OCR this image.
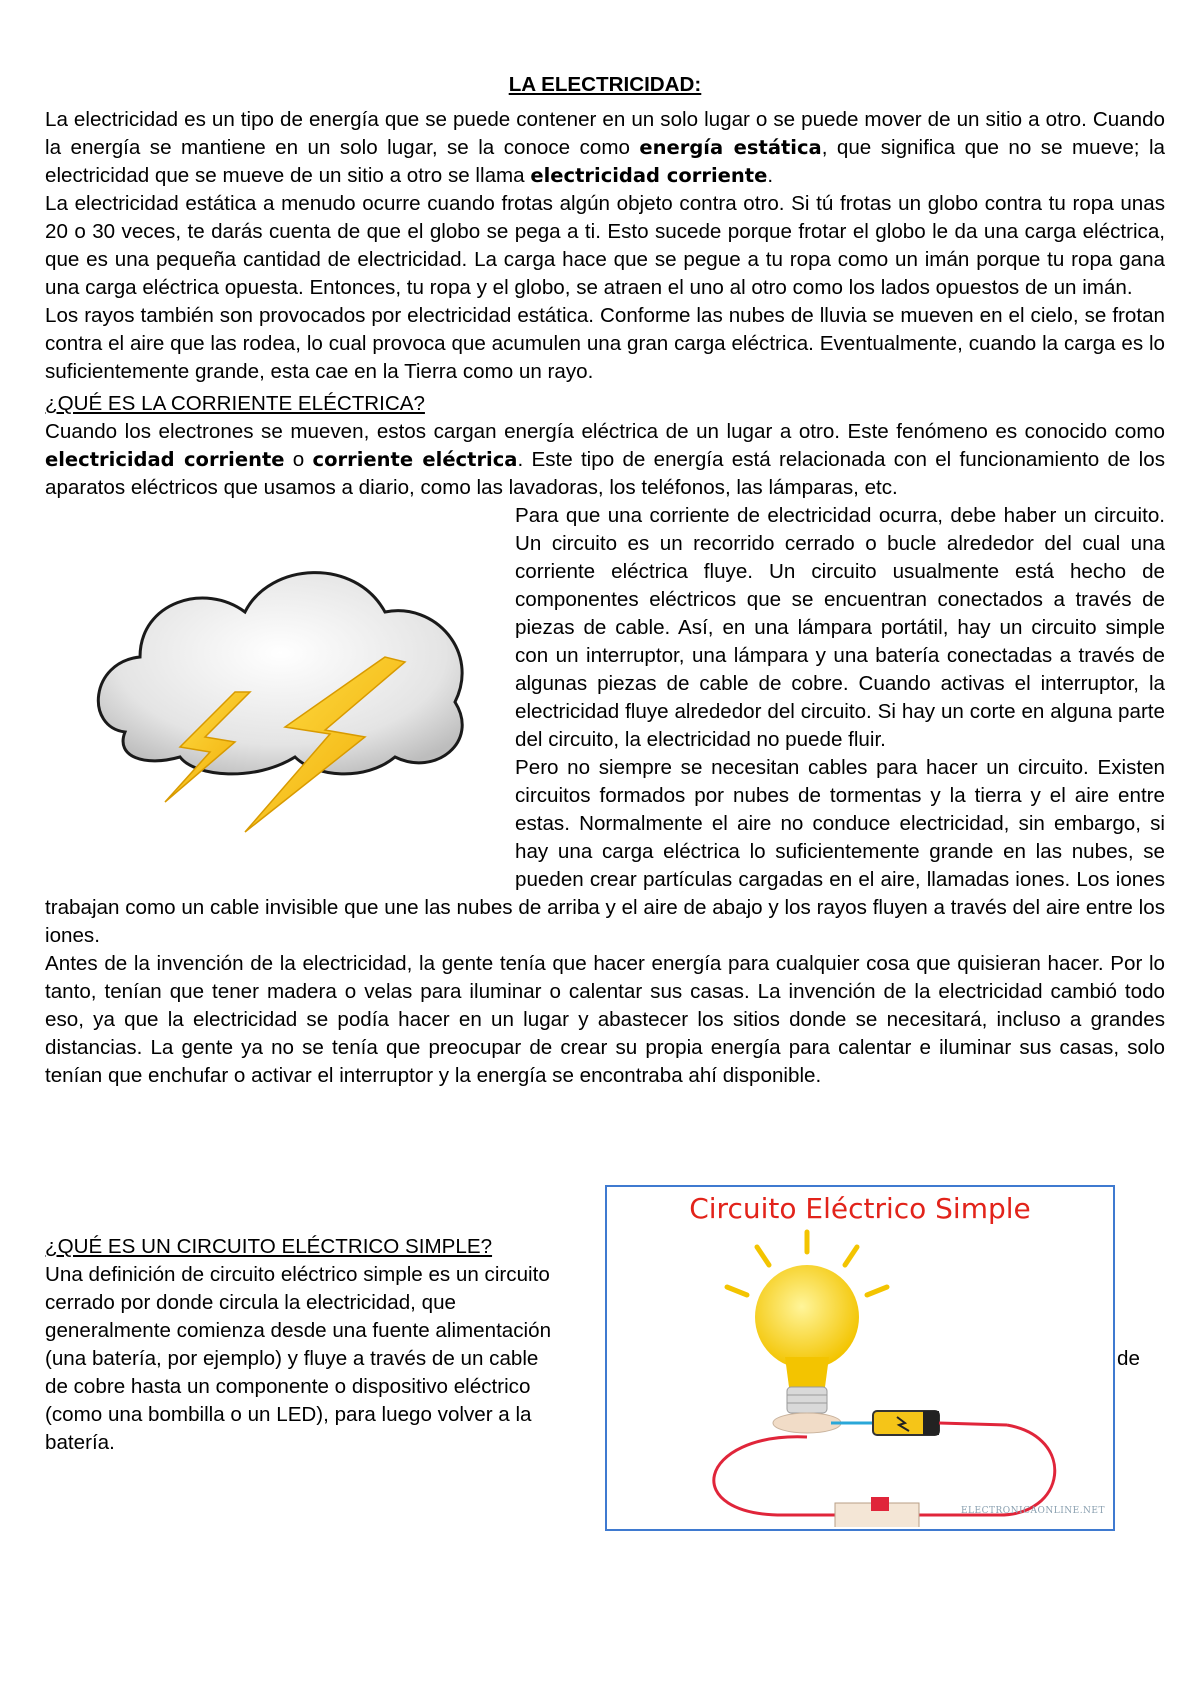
LA ELECTRICIDAD:

La electricidad es un tipo de energía que se puede contener en un solo lugar o se puede mover de un sitio a otro. Cuando la energía se mantiene en un solo lugar, se la conoce como energía estática, que significa que no se mueve; la electricidad que se mueve de un sitio a otro se llama electricidad corriente.

La electricidad estática a menudo ocurre cuando frotas algún objeto contra otro. Si tú frotas un globo contra tu ropa unas 20 o 30 veces, te darás cuenta de que el globo se pega a ti. Esto sucede porque frotar el globo le da una carga eléctrica, que es una pequeña cantidad de electricidad. La carga hace que se pegue a tu ropa como un imán porque tu ropa gana una carga eléctrica opuesta. Entonces, tu ropa y el globo, se atraen el uno al otro como los lados opuestos de un imán.

Los rayos también son provocados por electricidad estática. Conforme las nubes de lluvia se mueven en el cielo, se frotan contra el aire que las rodea, lo cual provoca que acumulen una gran carga eléctrica. Eventualmente, cuando la carga es lo suficientemente grande, esta cae en la Tierra como un rayo.

¿QUÉ ES LA CORRIENTE ELÉCTRICA?

Cuando los electrones se mueven, estos cargan energía eléctrica de un lugar a otro. Este fenómeno es conocido como electricidad corriente o corriente eléctrica. Este tipo de energía está relacionada con el funcionamiento de los aparatos eléctricos que usamos a diario, como las lavadoras, los teléfonos, las lámparas, etc.

Para que una corriente de electricidad ocurra, debe haber un circuito. Un circuito es un recorrido cerrado o bucle alrededor del cual una corriente eléctrica fluye. Un circuito usualmente está hecho de componentes eléctricos que se encuentran conectados a través de piezas de cable. Así, en una lámpara portátil, hay un circuito simple con un interruptor, una lámpara y una batería conectadas a través de algunas piezas de cable de cobre. Cuando activas el interruptor, la electricidad fluye alrededor del circuito. Si hay un corte en alguna parte del circuito, la electricidad no puede fluir.

Pero no siempre se necesitan cables para hacer un circuito. Existen circuitos formados por nubes de tormentas y la tierra y el aire entre estas. Normalmente el aire no conduce electricidad, sin embargo, si hay una carga eléctrica lo suficientemente grande en las nubes, se pueden crear partículas cargadas en el aire, llamadas iones. Los iones trabajan como un cable invisible que une las nubes de arriba y el aire de abajo y los rayos fluyen a través del aire entre los iones.

Antes de la invención de la electricidad, la gente tenía que hacer energía para cualquier cosa que quisieran hacer. Por lo tanto, tenían que tener madera o velas para iluminar o calentar sus casas. La invención de la electricidad cambió todo eso, ya que la electricidad se podía hacer en un lugar y abastecer los sitios donde se necesitará, incluso a grandes distancias. La gente ya no se tenía que preocupar de crear su propia energía para calentar e iluminar sus casas, solo tenían que enchufar o activar el interruptor y la energía se encontraba ahí disponible.

Circuito Eléctrico Simple
ELECTRONICAONLINE.NET

¿QUÉ ES UN CIRCUITO ELÉCTRICO SIMPLE?

Una definición de circuito eléctrico simple es un circuito cerrado por donde circula la electricidad, que generalmente comienza desde una fuente alimentación (una batería, por ejemplo) y fluye a través de un cable de cobre hasta un componente o dispositivo eléctrico (como una bombilla o un LED), para luego volver a la batería.

de
